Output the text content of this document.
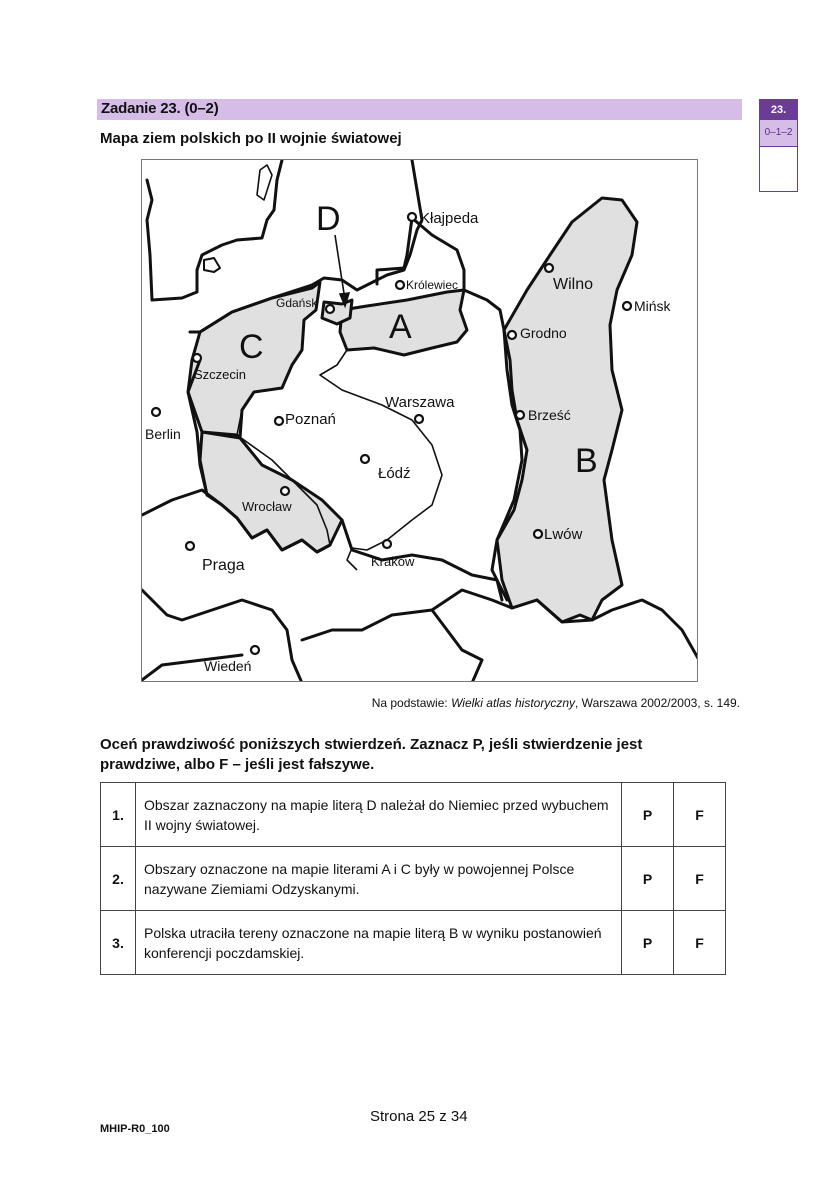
Zadanie 23. (0–2)	23.
0–1–2
Mapa ziem polskich po II wojnie światowej
A
B
C
D	Kłajpeda
Królewiec
Gdańsk
Szczecin
Berlin
Poznań
Warszawa
Łódź
Wrocław
Praga	Kraków
Wiedeń
Wilno
Mińsk
Grodno
Brześć
Lwów
Na podstawie: Wielki atlas historyczny, Warszawa 2002/2003, s. 149.
Oceń prawdziwość poniższych stwierdzeń. Zaznacz P, jeśli stwierdzenie jest prawdziwe, albo F – jeśli jest fałszywe.
1.	Obszar zaznaczony na mapie literą D należał do Niemiec przed wybuchem II wojny światowej.	P	F
2.	Obszary oznaczone na mapie literami A i C były w powojennej Polsce nazywane Ziemiami Odzyskanymi.	P	F
3.	Polska utraciła tereny oznaczone na mapie literą B w wyniku postanowień konferencji poczdamskiej.	P	F
Strona 25 z 34
MHIP-R0_100
